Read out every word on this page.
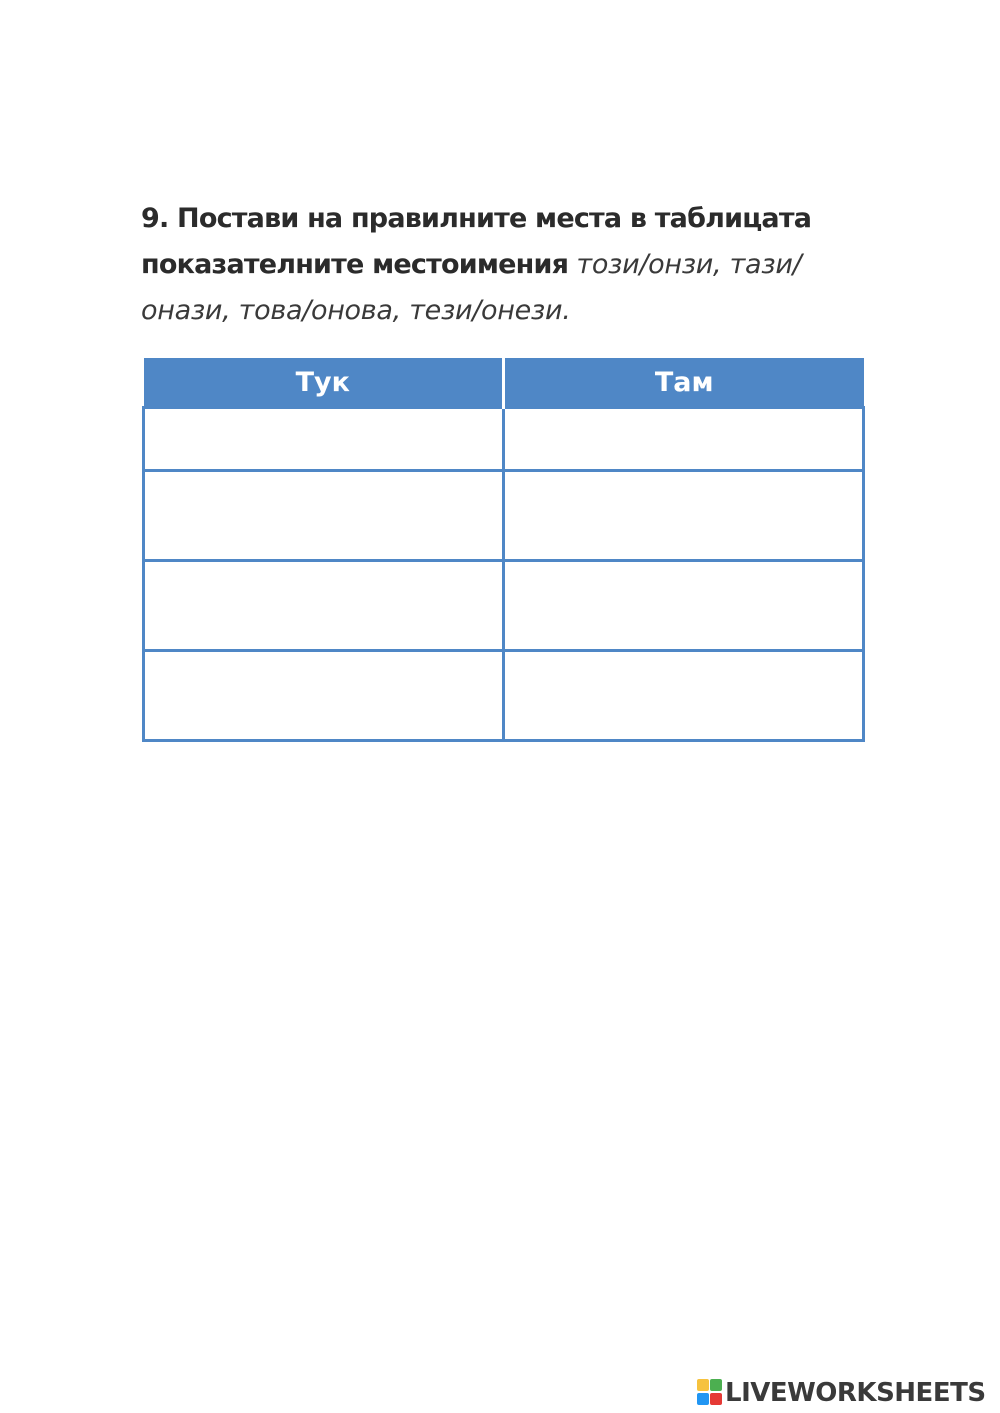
9. Постави на правилните места в таблицата
показателните местоимения този/онзи, тази/
онази, това/онова, тези/онези.
Тук	Там

LIVEWORKSHEETS
